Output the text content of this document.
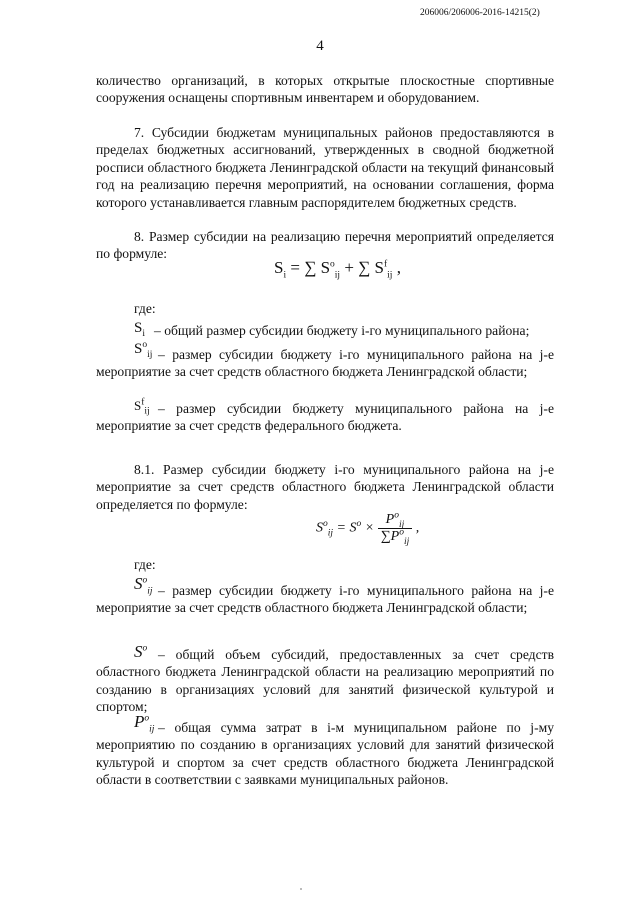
206006/206006-2016-14215(2)
4
количество организаций, в которых открытые плоскостные спортивные сооружения оснащены спортивным инвентарем и оборудованием.
7. Субсидии бюджетам муниципальных районов предоставляются в пределах бюджетных ассигнований, утвержденных в сводной бюджетной росписи областного бюджета Ленинградской области на текущий финансовый год на реализацию перечня мероприятий, на основании соглашения, форма которого устанавливается главным распорядителем бюджетных средств.
8. Размер субсидии на реализацию перечня мероприятий определяется по формуле:
$S_i$ = ∑ $S^o_{ij}$ + ∑ $S^f_{ij}$ ,
где:
$S_i$ – общий размер субсидии бюджету i-го муниципального района;
$S^o_{ij}$ – размер субсидии бюджету i-го муниципального района на j-е мероприятие за счет средств областного бюджета Ленинградской области;
$S^f_{ij}$ – размер субсидии бюджету муниципального района на j-е мероприятие за счет средств федерального бюджета.
8.1. Размер субсидии бюджету i-го муниципального района на j-е мероприятие за счет средств областного бюджета Ленинградской области определяется по формуле:
$S^o_{ij} = S^o \times \frac{P^o_{ij}}{\sum P^o_{ij}}$ ,
где:
$S^o_{ij}$ – размер субсидии бюджету i-го муниципального района на j-е мероприятие за счет средств областного бюджета Ленинградской области;
$S^o$ – общий объем субсидий, предоставленных за счет средств областного бюджета Ленинградской области на реализацию мероприятий по созданию в организациях условий для занятий физической культурой и спортом;
$P^o_{ij}$ – общая сумма затрат в i-м муниципальном районе по j-му мероприятию по созданию в организациях условий для занятий физической культурой и спортом за счет средств областного бюджета Ленинградской области в соответствии с заявками муниципальных районов.
